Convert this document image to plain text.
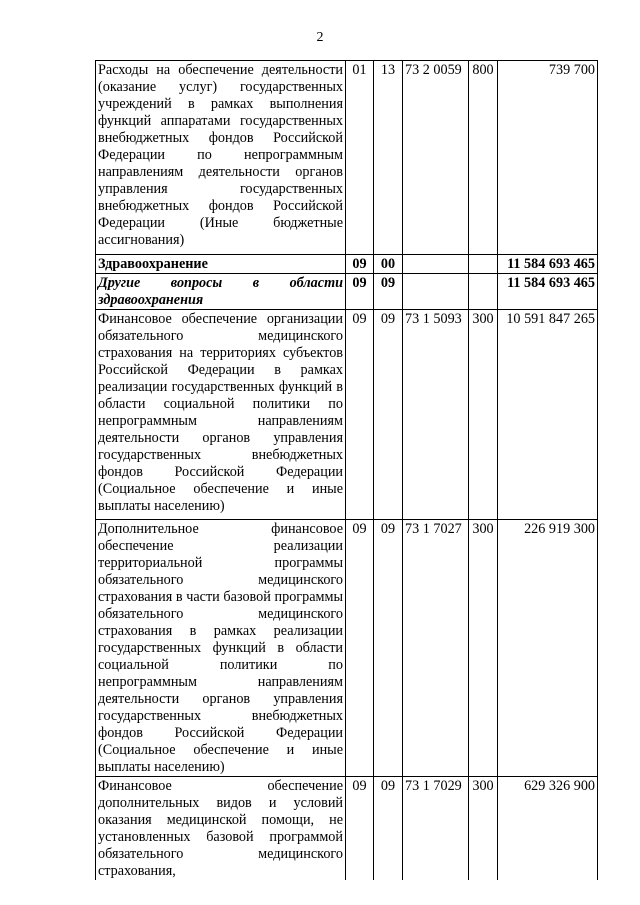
2
Расходы на обеспечение деятельности (оказание услуг) государственных учреждений в рамках выполнения функций аппаратами государственных внебюджетных фондов Российской Федерации по непрограммным направлениям деятельности органов управления государственных внебюджетных фондов Российской Федерации (Иные бюджетные ассигнования)	01	13	73 2 0059	800	739 700
Здравоохранение	09	00			11 584 693 465
Другие вопросы в области здравоохранения	09	09			11 584 693 465
Финансовое обеспечение организации обязательного медицинского страхования на территориях субъектов Российской Федерации в рамках реализации государственных функций в области социальной политики по непрограммным направлениям деятельности органов управления государственных внебюджетных фондов Российской Федерации (Социальное обеспечение и иные выплаты населению)	09	09	73 1 5093	300	10 591 847 265
Дополнительное финансовое обеспечение реализации территориальной программы обязательного медицинского страхования в части базовой программы обязательного медицинского страхования в рамках реализации государственных функций в области социальной политики по непрограммным направлениям деятельности органов управления государственных внебюджетных фондов Российской Федерации (Социальное обеспечение и иные выплаты населению)	09	09	73 1 7027	300	226 919 300
Финансовое обеспечение дополнительных видов и условий оказания медицинской помощи, не установленных базовой программой обязательного медицинского страхования,	09	09	73 1 7029	300	629 326 900
